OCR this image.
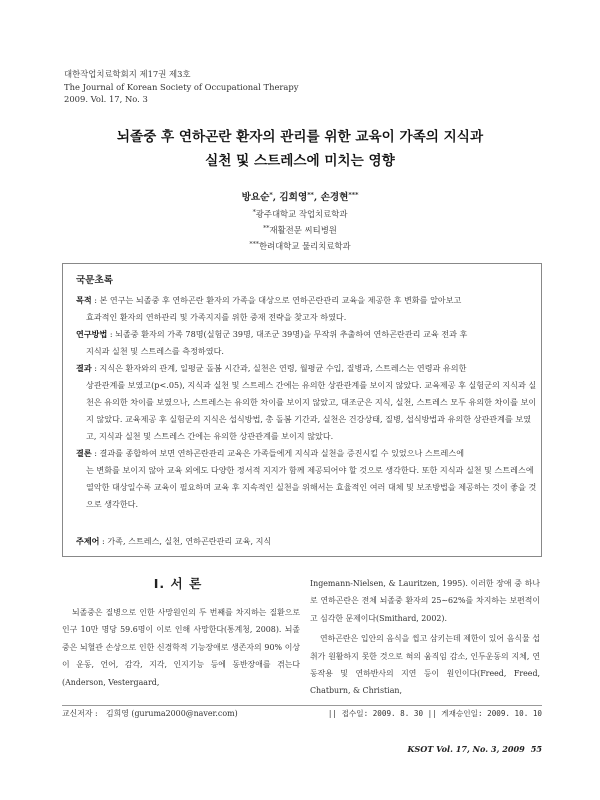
대한작업치료학회지 제17권 제3호
The Journal of Korean Society of Occupational Therapy
2009. Vol. 17, No. 3
뇌졸중 후 연하곤란 환자의 관리를 위한 교육이 가족의 지식과
실천 및 스트레스에 미치는 영향
방요순*, 김희영**, 손경현***
*광주대학교 작업치료학과
**재활전문 씨티병원
***한려대학교 물리치료학과
국문초록
목적 : 본 연구는 뇌졸중 후 연하곤란 환자의 가족을 대상으로 연하곤란관리 교육을 제공한 후 변화를 알아보고
효과적인 환자의 연하관리 및 가족지지를 위한 중재 전략을 찾고자 하였다.
연구방법 : 뇌졸중 환자의 가족 78명(실험군 39명, 대조군 39명)을 무작위 추출하여 연하곤란관리 교육 전과 후
지식과 실천 및 스트레스를 측정하였다.
결과 : 지식은 환자와의 관계, 일평균 돌봄 시간과, 실천은 연령, 월평균 수입, 질병과, 스트레스는 연령과 유의한
상관관계를 보였고(p<.05), 지식과 실천 및 스트레스 간에는 유의한 상관관계를 보이지 않았다. 교육제공 후 실험군의 지식과 실천은 유의한 차이를 보였으나, 스트레스는 유의한 차이를 보이지 않았고, 대조군은 지식, 실천, 스트레스 모두 유의한 차이를 보이지 않았다. 교육제공 후 실험군의 지식은 섭식방법, 총 돌봄 기간과, 실천은 건강상태, 질병, 섭식방법과 유의한 상관관계를 보였고, 지식과 실천 및 스트레스 간에는 유의한 상관관계를 보이지 않았다.
결론 : 결과를 종합하여 보면 연하곤란관리 교육은 가족들에게 지식과 실천을 증진시킬 수 있었으나 스트레스에
는 변화를 보이지 않아 교육 외에도 다양한 정서적 지지가 함께 제공되어야 할 것으로 생각한다. 또한 지식과 실천 및 스트레스에 열악한 대상일수록 교육이 필요하며 교육 후 지속적인 실천을 위해서는 효율적인 여러 대체 및 보조방법을 제공하는 것이 좋을 것으로 생각한다.
주제어 : 가족, 스트레스, 실천, 연하곤란관리 교육, 지식
Ⅰ. 서 론

뇌졸중은 질병으로 인한 사망원인의 두 번째를 차지하는 질환으로 인구 10만 명당 59.6명이 이로 인해 사망한다(통계청, 2008). 뇌졸중은 뇌혈관 손상으로 인한 신경학적 기능장애로 생존자의 90% 이상이 운동, 언어, 감각, 지각, 인지기능 등에 동반장애를 겪는다(Anderson, Vestergaard,

Ingemann-Nielsen, & Lauritzen, 1995). 이러한 장애 중 하나로 연하곤란은 전체 뇌졸중 환자의 25∼62%를 차지하는 보편적이고 심각한 문제이다(Smithard, 2002).

연하곤란은 입안의 음식을 씹고 삼키는데 제한이 있어 음식물 섭취가 원활하지 못한 것으로 혀의 움직임 감소, 인두운동의 지체, 연동작용 및 연하반사의 지연 등이 원인이다(Freed, Freed, Chatburn, & Christian,

교신저자 : 김희영 (guruma2000@naver.com)	|| 접수일: 2009. 8. 30 || 게재승인일: 2009. 10. 10
KSOT Vol. 17, No. 3, 2009 55
